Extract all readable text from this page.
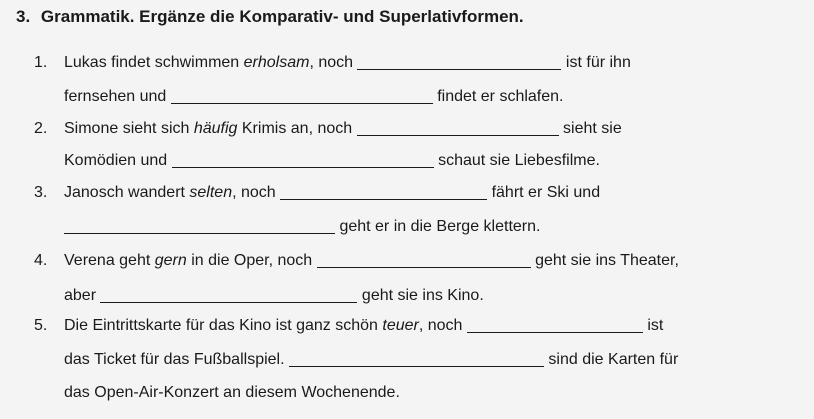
3. Grammatik. Ergänze die Komparativ- und Superlativformen.
1.	Lukas findet schwimmen erholsam, noch	ist für ihn
fernsehen und	findet er schlafen.
2.	Simone sieht sich häufig Krimis an, noch	sieht sie
Komödien und	schaut sie Liebesfilme.
3.	Janosch wandert selten, noch	fährt er Ski und
geht er in die Berge klettern.
4.	Verena geht gern in die Oper, noch	geht sie ins Theater,
aber	geht sie ins Kino.
5.	Die Eintrittskarte für das Kino ist ganz schön teuer, noch	ist
das Ticket für das Fußballspiel.	sind die Karten für
das Open-Air-Konzert an diesem Wochenende.
